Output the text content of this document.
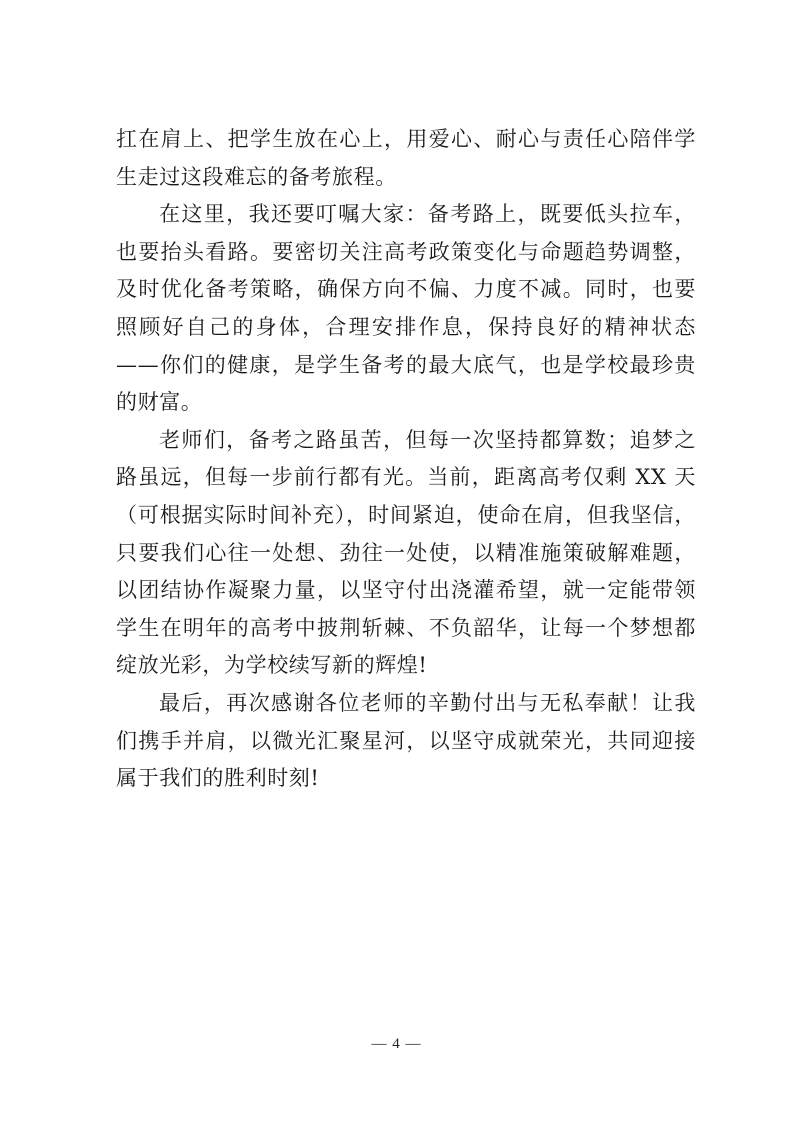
扛在肩上、把学生放在心上，用爱心、耐心与责任心陪伴学生走过这段难忘的备考旅程。

在这里，我还要叮嘱大家：备考路上，既要低头拉车，也要抬头看路。要密切关注高考政策变化与命题趋势调整，及时优化备考策略，确保方向不偏、力度不减。同时，也要照顾好自己的身体，合理安排作息，保持良好的精神状态——你们的健康，是学生备考的最大底气，也是学校最珍贵的财富。

老师们，备考之路虽苦，但每一次坚持都算数；追梦之路虽远，但每一步前行都有光。当前，距离高考仅剩 XX 天（可根据实际时间补充），时间紧迫，使命在肩，但我坚信，只要我们心往一处想、劲往一处使，以精准施策破解难题，以团结协作凝聚力量，以坚守付出浇灌希望，就一定能带领学生在明年的高考中披荆斩棘、不负韶华，让每一个梦想都绽放光彩，为学校续写新的辉煌!

最后，再次感谢各位老师的辛勤付出与无私奉献！让我们携手并肩，以微光汇聚星河，以坚守成就荣光，共同迎接属于我们的胜利时刻!

— 4 —
